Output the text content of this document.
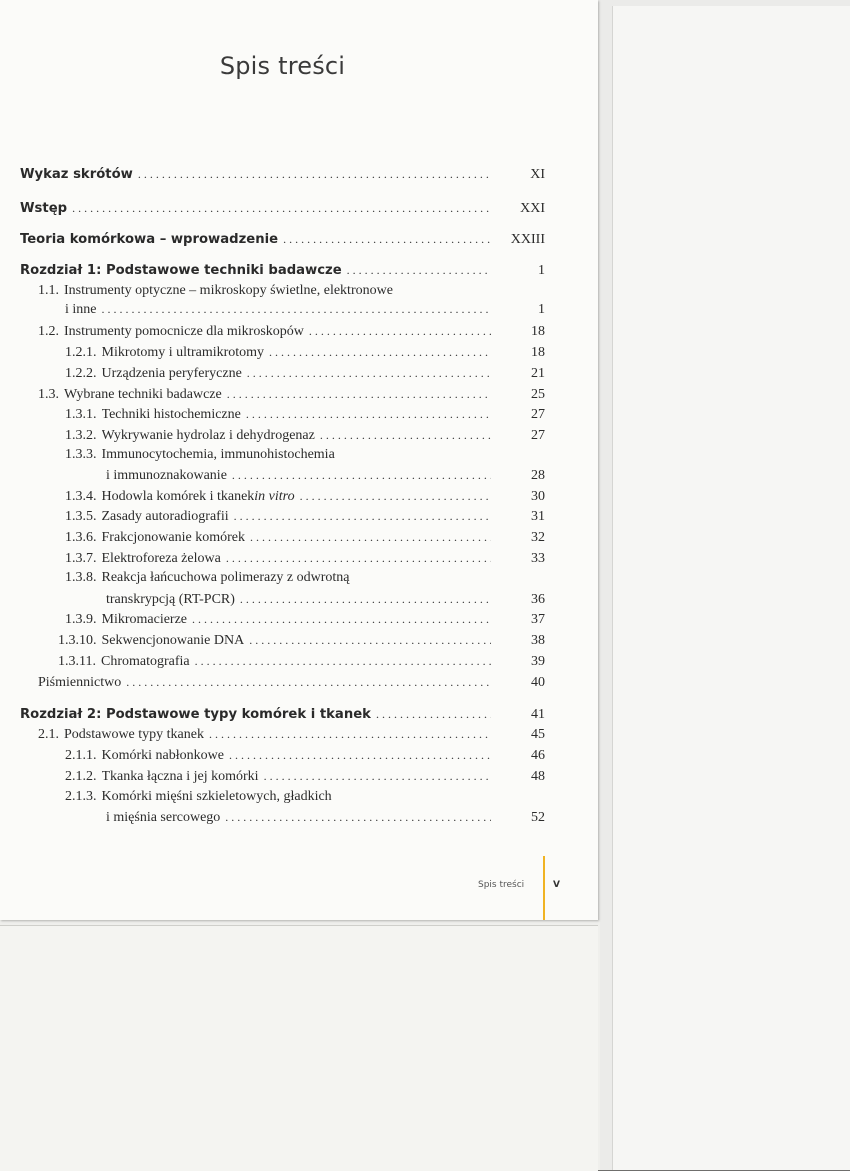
Spis treści
Wykaz skrótów . . .	XI
Wstęp . . .	XXI
Teoria komórkowa – wprowadzenie . . .	XXIII
Rozdział 1: Podstawowe techniki badawcze . . .	1
1.1. Instrumenty optyczne – mikroskopy świetlne, elektronowe
i inne . . .	1
1.2. Instrumenty pomocnicze dla mikroskopów . . .	18
1.2.1. Mikrotomy i ultramikrotomy . . .	18
1.2.2. Urządzenia peryferyczne . . .	21
1.3. Wybrane techniki badawcze . . .	25
1.3.1. Techniki histochemiczne . . .	27
1.3.2. Wykrywanie hydrolaz i dehydrogenaz . . .	27
1.3.3. Immunocytochemia, immunohistochemia
i immunoznakowanie . . .	28
1.3.4. Hodowla komórek i tkanek in vitro . . .	30
1.3.5. Zasady autoradiografii . . .	31
1.3.6. Frakcjonowanie komórek . . .	32
1.3.7. Elektroforeza żelowa . . .	33
1.3.8. Reakcja łańcuchowa polimerazy z odwrotną
transkrypcją (RT-PCR) . . .	36
1.3.9. Mikromacierze . . .	37
1.3.10. Sekwencjonowanie DNA . . .	38
1.3.11. Chromatografia . . .	39
Piśmiennictwo . . .	40
Rozdział 2: Podstawowe typy komórek i tkanek . . .	41
2.1. Podstawowe typy tkanek . . .	45
2.1.1. Komórki nabłonkowe . . .	46
2.1.2. Tkanka łączna i jej komórki . . .	48
2.1.3. Komórki mięśni szkieletowych, gładkich
i mięśnia sercowego . . .	52
Spis treści	V
